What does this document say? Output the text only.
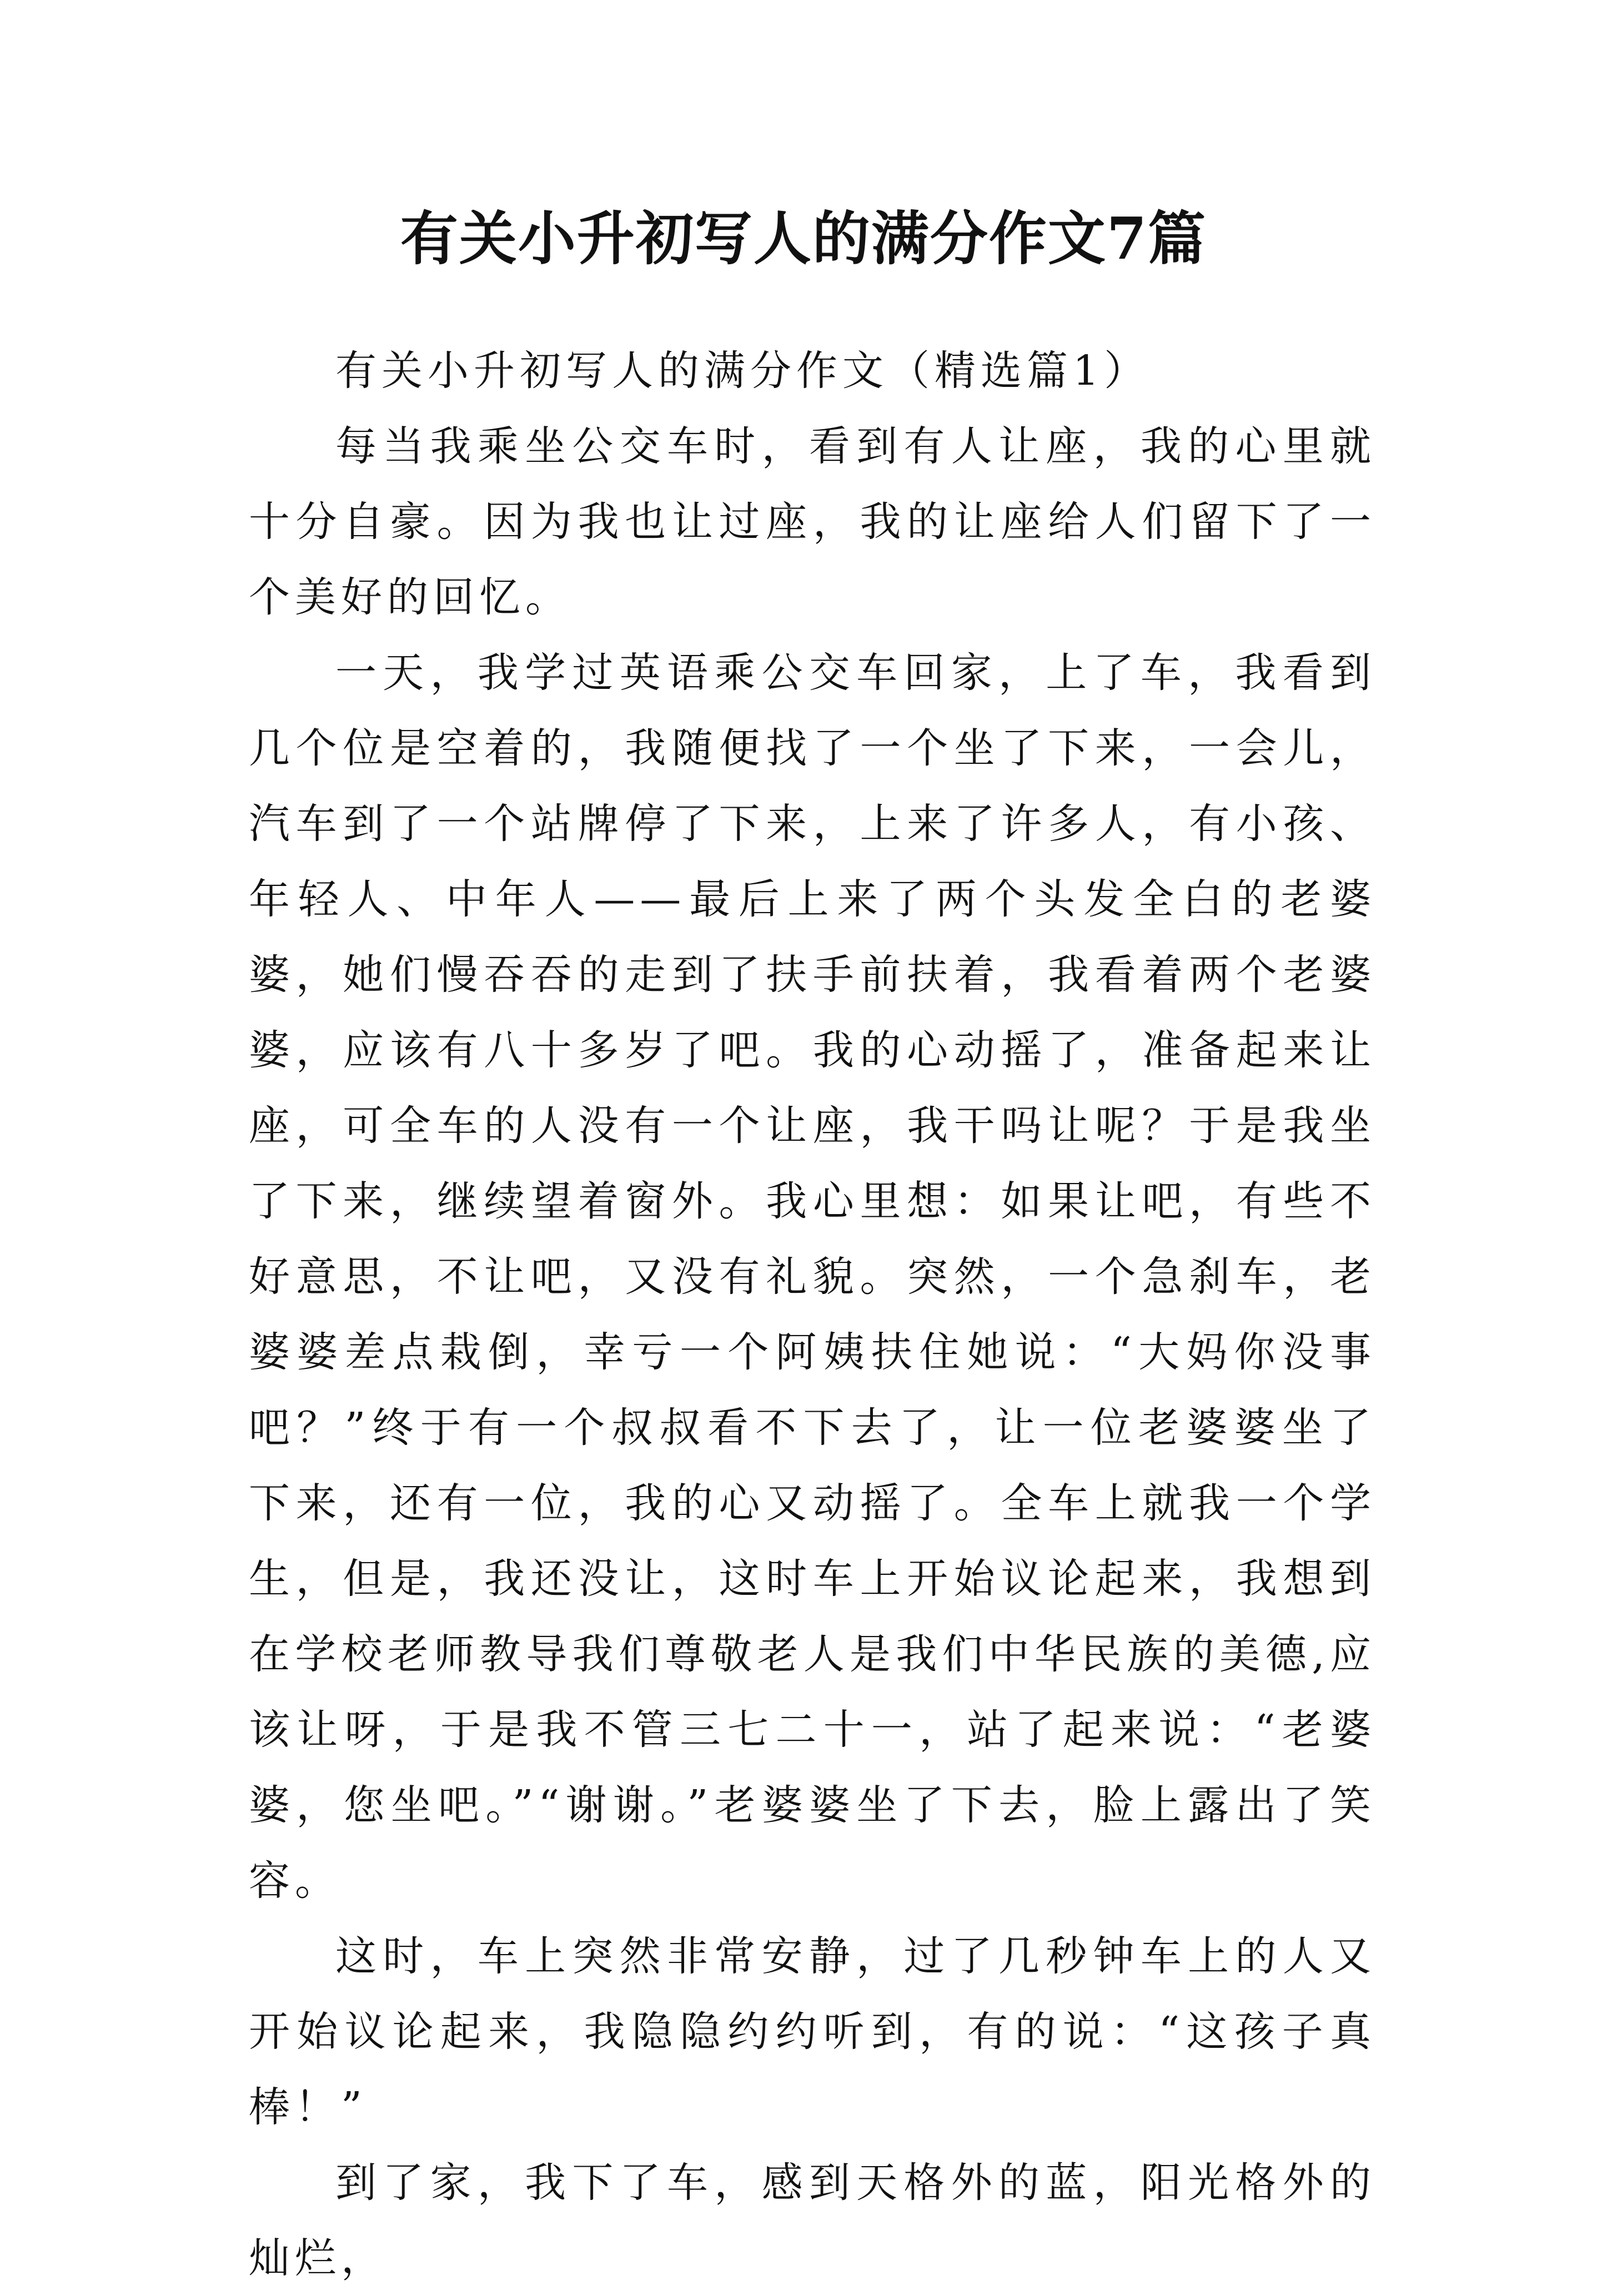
有关小升初写人的满分作文7篇

有关小升初写人的满分作文（精选篇1）

每当我乘坐公交车时，看到有人让座，我的心里就十分自豪。因为我也让过座，我的让座给人们留下了一个美好的回忆。

一天，我学过英语乘公交车回家，上了车，我看到几个位是空着的，我随便找了一个坐了下来，一会儿，汽车到了一个站牌停了下来，上来了许多人，有小孩、年轻人、中年人——最后上来了两个头发全白的老婆婆，她们慢吞吞的走到了扶手前扶着，我看着两个老婆婆，应该有八十多岁了吧。我的心动摇了，准备起来让座，可全车的人没有一个让座，我干吗让呢？于是我坐了下来，继续望着窗外。我心里想：如果让吧，有些不好意思，不让吧，又没有礼貌。突然，一个急刹车，老婆婆差点栽倒，幸亏一个阿姨扶住她说：“大妈你没事吧？”终于有一个叔叔看不下去了，让一位老婆婆坐了下来，还有一位，我的心又动摇了。全车上就我一个学生，但是，我还没让，这时车上开始议论起来，我想到在学校老师教导我们尊敬老人是我们中华民族的美德,应该让呀，于是我不管三七二十一，站了起来说：“老婆婆，您坐吧。”“谢谢。”老婆婆坐了下去，脸上露出了笑容。

这时，车上突然非常安静，过了几秒钟车上的人又开始议论起来，我隐隐约约听到，有的说：“这孩子真棒！”

到了家，我下了车，感到天格外的蓝，阳光格外的灿烂，
